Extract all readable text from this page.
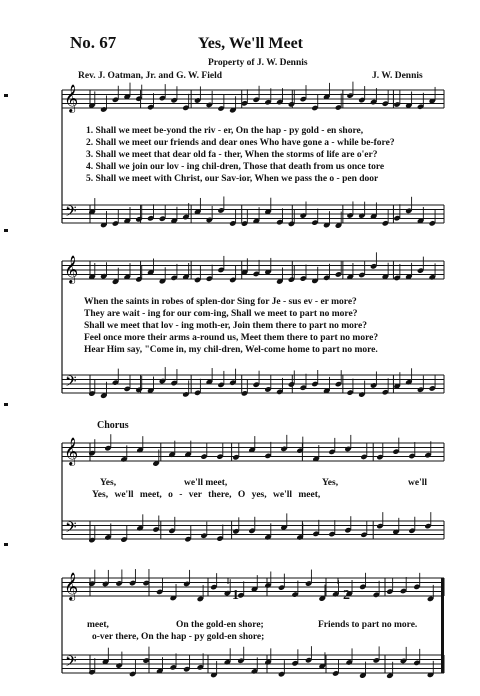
No. 67	Yes, We'll Meet
Property of J. W. Dennis
Rev. J. Oatman, Jr. and G. W. Field	J. W. Dennis
𝄞
𝄢
𝄞
𝄢
𝄞
𝄢
𝄞
𝄢
1. Shall we meet be-yond the riv - er, On the hap - py gold - en shore,
2. Shall we meet our friends and dear ones Who have gone a - while be-fore?
3. Shall we meet that dear old fa - ther, When the storms of life are o'er?
4. Shall we join our lov - ing chil-dren, Those that death from us once tore
5. Shall we meet with Christ, our Sav-ior, When we pass the o - pen door
When the saints in robes of splen-dor Sing for Je - sus ev - er more?
They are wait - ing for our com-ing, Shall we meet to part no more?
Shall we meet that lov - ing moth-er, Join them there to part no more?
Feel once more their arms a-round us, Meet them there to part no more?
Hear Him say, "Come in, my chil-dren, Wel-come home to part no more.
Chorus
Yes,	we'll meet,	Yes,	we'll
Yes, we'll meet, o - ver there, O yes, we'll meet,
meet,	On the gold-en shore;	Friends to part no more.
o-ver there, On the hap - py gold-en shore;
1	2
